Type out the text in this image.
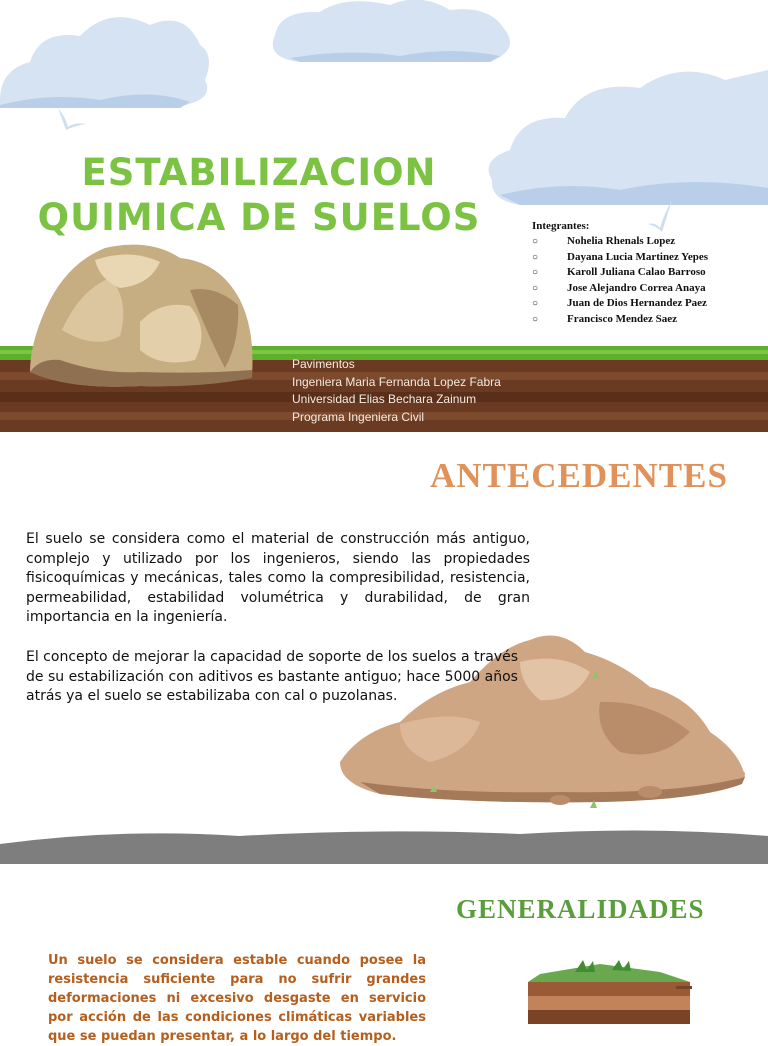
ESTABILIZACION
QUIMICA DE SUELOS	Integrantes:
○	Nohelia Rhenals Lopez
○	Dayana Lucia Martinez Yepes
○	Karoll Juliana Calao Barroso
○	Jose Alejandro Correa Anaya
○	Juan de Dios Hernandez Paez
○	Francisco Mendez Saez
Pavimentos
Ingeniera Maria Fernanda Lopez Fabra
Universidad Elias Bechara Zainum
Programa Ingeniera Civil
ANTECEDENTES
El suelo se considera como el material de construcción más antiguo, complejo y utilizado por los ingenieros, siendo las propiedades fisicoquímicas y mecánicas, tales como la compresibilidad, resistencia, permeabilidad, estabilidad volumétrica y durabilidad, de gran importancia en la ingeniería.
El concepto de mejorar la capacidad de soporte de los suelos a través de su estabilización con aditivos es bastante antiguo; hace 5000 años atrás ya el suelo se estabilizaba con cal o puzolanas.
GENERALIDADES
Un suelo se considera estable cuando posee la resistencia suficiente para no sufrir grandes deformaciones ni excesivo desgaste en servicio por acción de las condiciones climáticas variables que se puedan presentar, a lo largo del tiempo.
